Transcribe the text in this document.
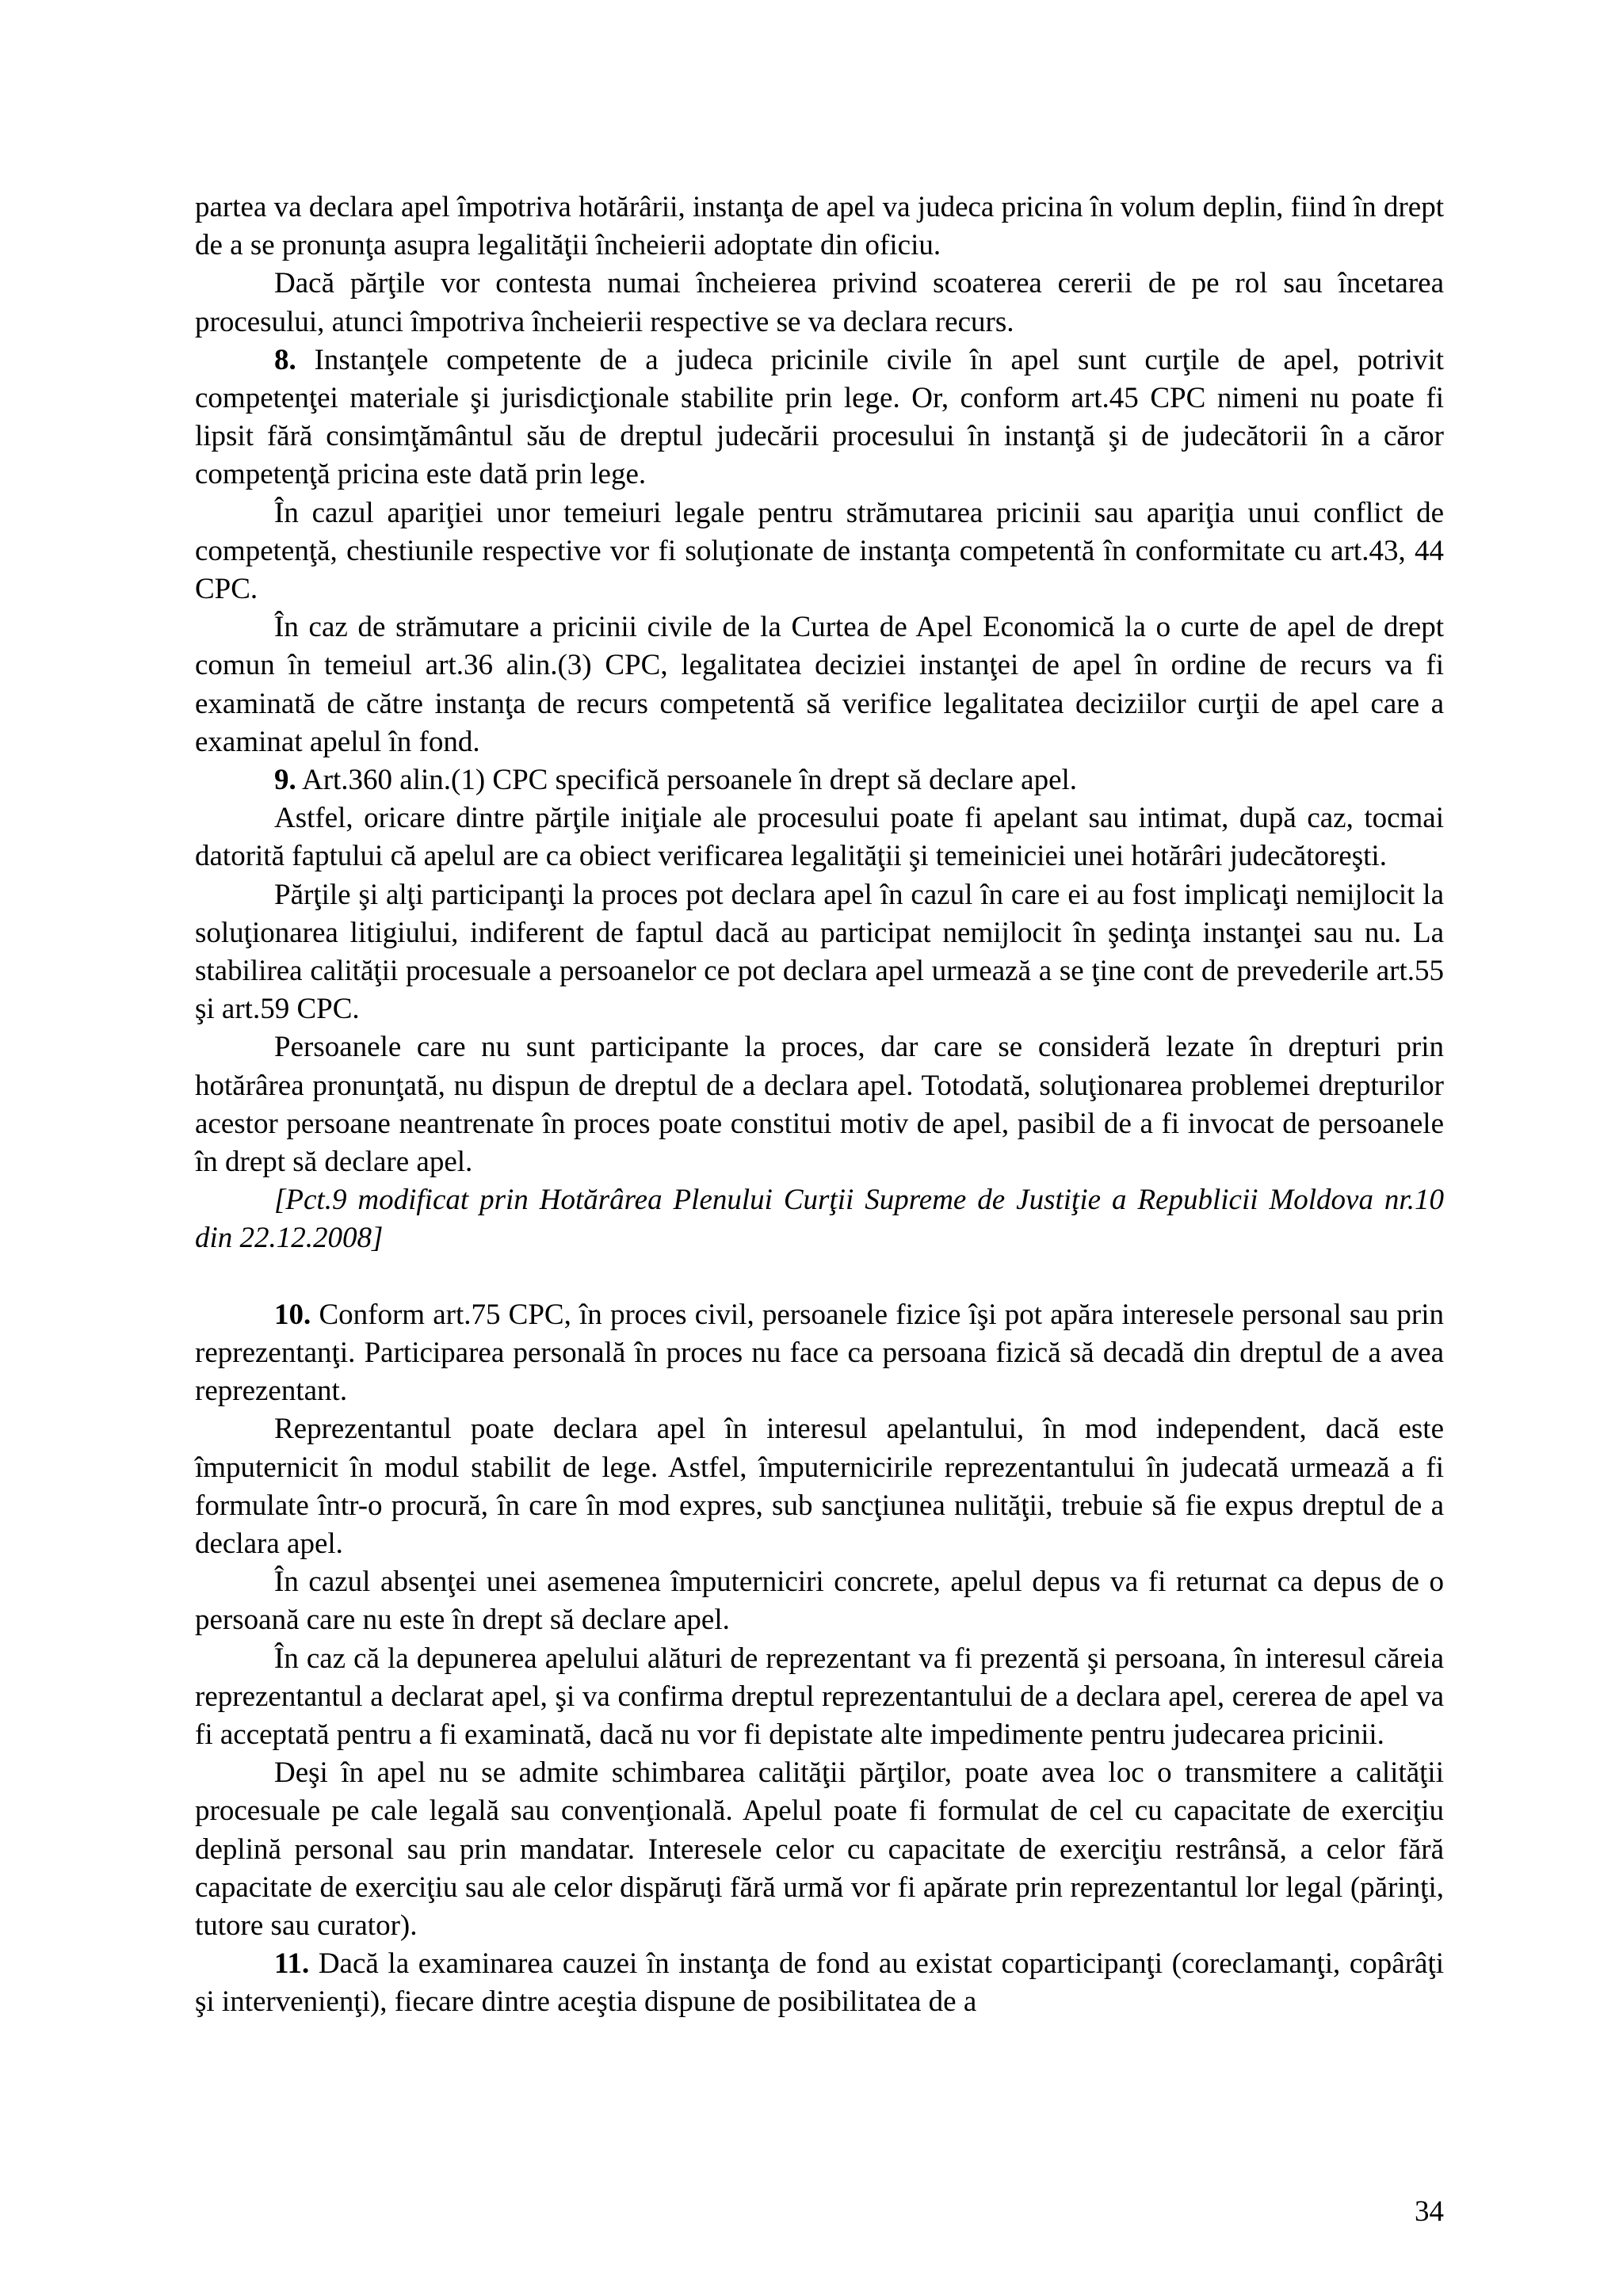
partea va declara apel împotriva hotărârii, instanţa de apel va judeca pricina în volum deplin, fiind în drept de a se pronunţa asupra legalităţii încheierii adoptate din oficiu.

Dacă părţile vor contesta numai încheierea privind scoaterea cererii de pe rol sau încetarea procesului, atunci împotriva încheierii respective se va declara recurs.

8. Instanţele competente de a judeca pricinile civile în apel sunt curţile de apel, potrivit competenţei materiale şi jurisdicţionale stabilite prin lege. Or, conform art.45 CPC nimeni nu poate fi lipsit fără consimţământul său de dreptul judecării procesului în instanţă şi de judecătorii în a căror competenţă pricina este dată prin lege.

În cazul apariţiei unor temeiuri legale pentru strămutarea pricinii sau apariţia unui conflict de competenţă, chestiunile respective vor fi soluţionate de instanţa competentă în conformitate cu art.43, 44 CPC.

În caz de strămutare a pricinii civile de la Curtea de Apel Economică la o curte de apel de drept comun în temeiul art.36 alin.(3) CPC, legalitatea deciziei instanţei de apel în ordine de recurs va fi examinată de către instanţa de recurs competentă să verifice legalitatea deciziilor curţii de apel care a examinat apelul în fond.

9. Art.360 alin.(1) CPC specifică persoanele în drept să declare apel.

Astfel, oricare dintre părţile iniţiale ale procesului poate fi apelant sau intimat, după caz, tocmai datorită faptului că apelul are ca obiect verificarea legalităţii şi temeiniciei unei hotărâri judecătoreşti.

Părţile şi alţi participanţi la proces pot declara apel în cazul în care ei au fost implicaţi nemijlocit la soluţionarea litigiului, indiferent de faptul dacă au participat nemijlocit în şedinţa instanţei sau nu. La stabilirea calităţii procesuale a persoanelor ce pot declara apel urmează a se ţine cont de prevederile art.55 şi art.59 CPC.

Persoanele care nu sunt participante la proces, dar care se consideră lezate în drepturi prin hotărârea pronunţată, nu dispun de dreptul de a declara apel. Totodată, soluţionarea problemei drepturilor acestor persoane neantrenate în proces poate constitui motiv de apel, pasibil de a fi invocat de persoanele în drept să declare apel.

[Pct.9 modificat prin Hotărârea Plenului Curţii Supreme de Justiţie a Republicii Moldova nr.10 din 22.12.2008]

10. Conform art.75 CPC, în proces civil, persoanele fizice îşi pot apăra interesele personal sau prin reprezentanţi. Participarea personală în proces nu face ca persoana fizică să decadă din dreptul de a avea reprezentant.

Reprezentantul poate declara apel în interesul apelantului, în mod independent, dacă este împuternicit în modul stabilit de lege. Astfel, împuternicirile reprezentantului în judecată urmează a fi formulate într-o procură, în care în mod expres, sub sancţiunea nulităţii, trebuie să fie expus dreptul de a declara apel.

În cazul absenţei unei asemenea împuterniciri concrete, apelul depus va fi returnat ca depus de o persoană care nu este în drept să declare apel.

În caz că la depunerea apelului alături de reprezentant va fi prezentă şi persoana, în interesul căreia reprezentantul a declarat apel, şi va confirma dreptul reprezentantului de a declara apel, cererea de apel va fi acceptată pentru a fi examinată, dacă nu vor fi depistate alte impedimente pentru judecarea pricinii.

Deşi în apel nu se admite schimbarea calităţii părţilor, poate avea loc o transmitere a calităţii procesuale pe cale legală sau convenţională. Apelul poate fi formulat de cel cu capacitate de exerciţiu deplină personal sau prin mandatar. Interesele celor cu capacitate de exerciţiu restrânsă, a celor fără capacitate de exerciţiu sau ale celor dispăruţi fără urmă vor fi apărate prin reprezentantul lor legal (părinţi, tutore sau curator).

11. Dacă la examinarea cauzei în instanţa de fond au existat coparticipanţi (coreclamanţi, copârâţi şi intervenienţi), fiecare dintre aceştia dispune de posibilitatea de a

34
